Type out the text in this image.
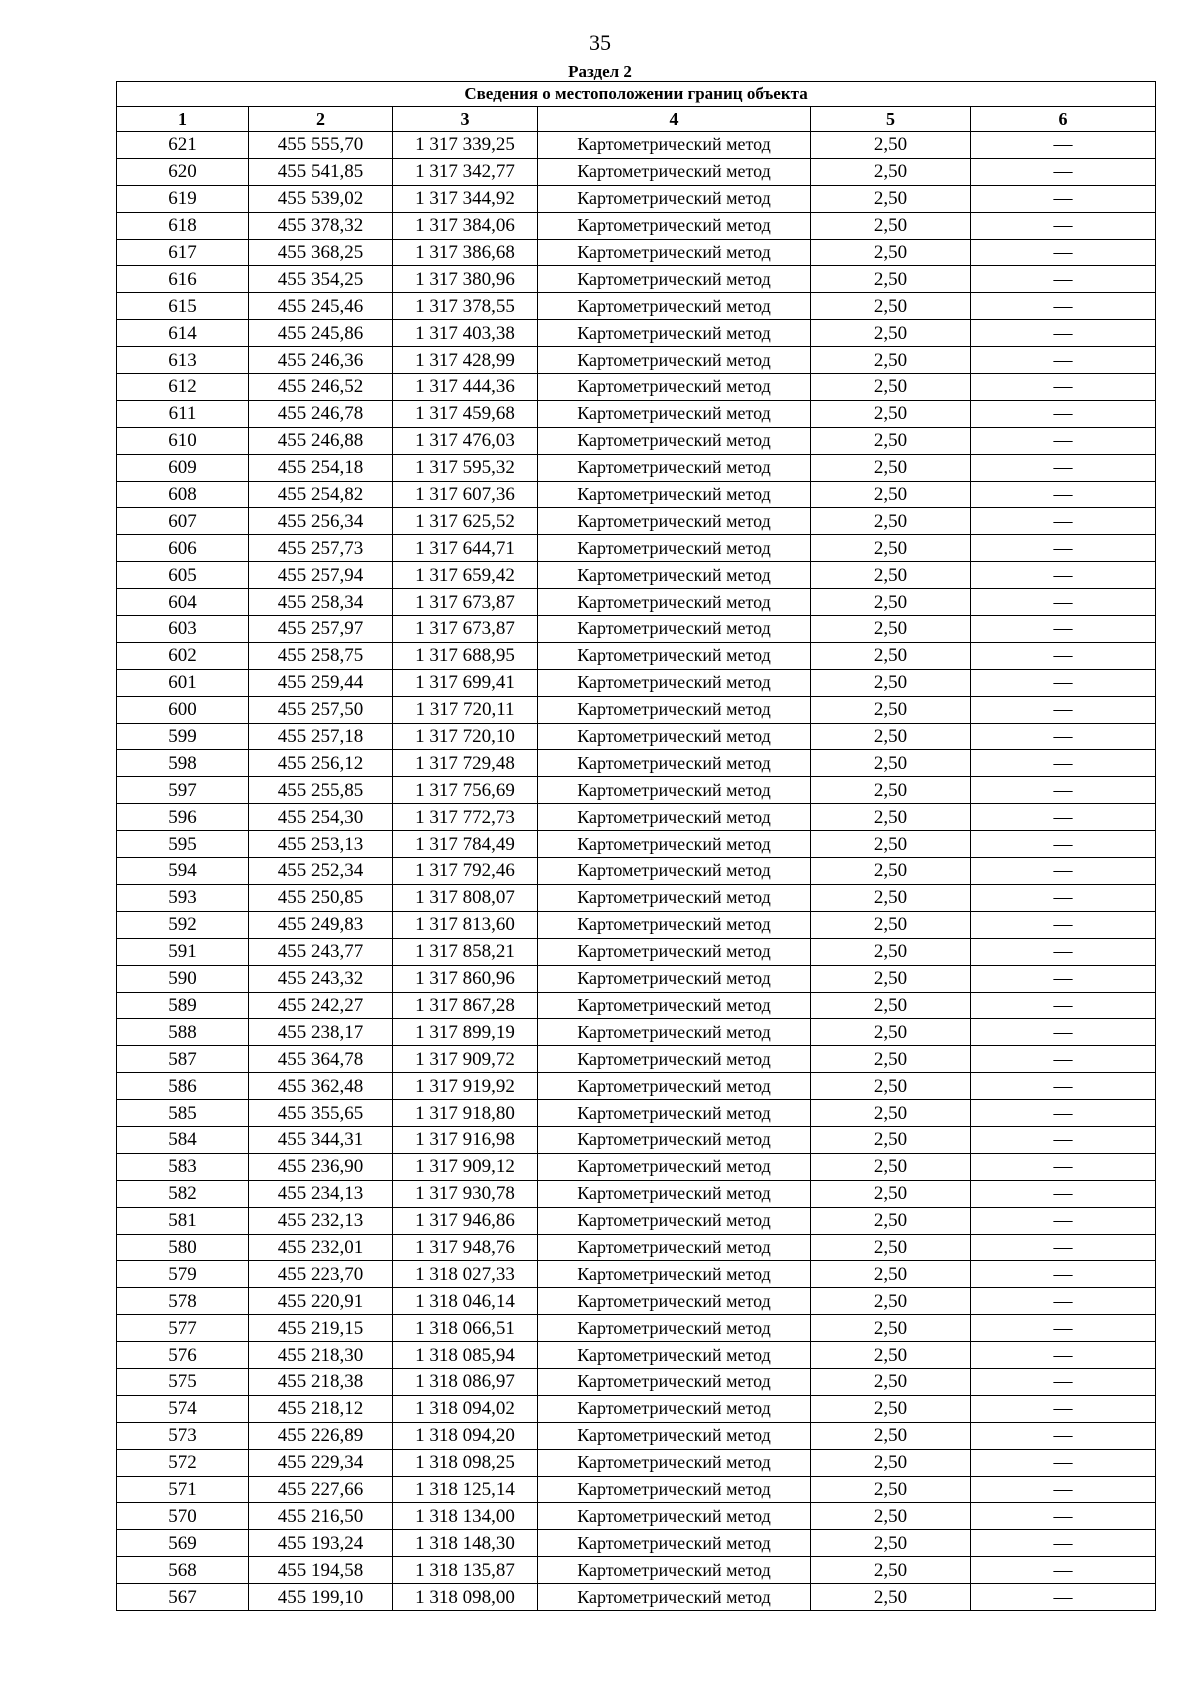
35
Раздел 2
Сведения о местоположении границ объекта					
1	2	3	4	5	6
621	455 555,70	1 317 339,25	Картометрический метод	2,50	—
620	455 541,85	1 317 342,77	Картометрический метод	2,50	—
619	455 539,02	1 317 344,92	Картометрический метод	2,50	—
618	455 378,32	1 317 384,06	Картометрический метод	2,50	—
617	455 368,25	1 317 386,68	Картометрический метод	2,50	—
616	455 354,25	1 317 380,96	Картометрический метод	2,50	—
615	455 245,46	1 317 378,55	Картометрический метод	2,50	—
614	455 245,86	1 317 403,38	Картометрический метод	2,50	—
613	455 246,36	1 317 428,99	Картометрический метод	2,50	—
612	455 246,52	1 317 444,36	Картометрический метод	2,50	—
611	455 246,78	1 317 459,68	Картометрический метод	2,50	—
610	455 246,88	1 317 476,03	Картометрический метод	2,50	—
609	455 254,18	1 317 595,32	Картометрический метод	2,50	—
608	455 254,82	1 317 607,36	Картометрический метод	2,50	—
607	455 256,34	1 317 625,52	Картометрический метод	2,50	—
606	455 257,73	1 317 644,71	Картометрический метод	2,50	—
605	455 257,94	1 317 659,42	Картометрический метод	2,50	—
604	455 258,34	1 317 673,87	Картометрический метод	2,50	—
603	455 257,97	1 317 673,87	Картометрический метод	2,50	—
602	455 258,75	1 317 688,95	Картометрический метод	2,50	—
601	455 259,44	1 317 699,41	Картометрический метод	2,50	—
600	455 257,50	1 317 720,11	Картометрический метод	2,50	—
599	455 257,18	1 317 720,10	Картометрический метод	2,50	—
598	455 256,12	1 317 729,48	Картометрический метод	2,50	—
597	455 255,85	1 317 756,69	Картометрический метод	2,50	—
596	455 254,30	1 317 772,73	Картометрический метод	2,50	—
595	455 253,13	1 317 784,49	Картометрический метод	2,50	—
594	455 252,34	1 317 792,46	Картометрический метод	2,50	—
593	455 250,85	1 317 808,07	Картометрический метод	2,50	—
592	455 249,83	1 317 813,60	Картометрический метод	2,50	—
591	455 243,77	1 317 858,21	Картометрический метод	2,50	—
590	455 243,32	1 317 860,96	Картометрический метод	2,50	—
589	455 242,27	1 317 867,28	Картометрический метод	2,50	—
588	455 238,17	1 317 899,19	Картометрический метод	2,50	—
587	455 364,78	1 317 909,72	Картометрический метод	2,50	—
586	455 362,48	1 317 919,92	Картометрический метод	2,50	—
585	455 355,65	1 317 918,80	Картометрический метод	2,50	—
584	455 344,31	1 317 916,98	Картометрический метод	2,50	—
583	455 236,90	1 317 909,12	Картометрический метод	2,50	—
582	455 234,13	1 317 930,78	Картометрический метод	2,50	—
581	455 232,13	1 317 946,86	Картометрический метод	2,50	—
580	455 232,01	1 317 948,76	Картометрический метод	2,50	—
579	455 223,70	1 318 027,33	Картометрический метод	2,50	—
578	455 220,91	1 318 046,14	Картометрический метод	2,50	—
577	455 219,15	1 318 066,51	Картометрический метод	2,50	—
576	455 218,30	1 318 085,94	Картометрический метод	2,50	—
575	455 218,38	1 318 086,97	Картометрический метод	2,50	—
574	455 218,12	1 318 094,02	Картометрический метод	2,50	—
573	455 226,89	1 318 094,20	Картометрический метод	2,50	—
572	455 229,34	1 318 098,25	Картометрический метод	2,50	—
571	455 227,66	1 318 125,14	Картометрический метод	2,50	—
570	455 216,50	1 318 134,00	Картометрический метод	2,50	—
569	455 193,24	1 318 148,30	Картометрический метод	2,50	—
568	455 194,58	1 318 135,87	Картометрический метод	2,50	—
567	455 199,10	1 318 098,00	Картометрический метод	2,50	—
